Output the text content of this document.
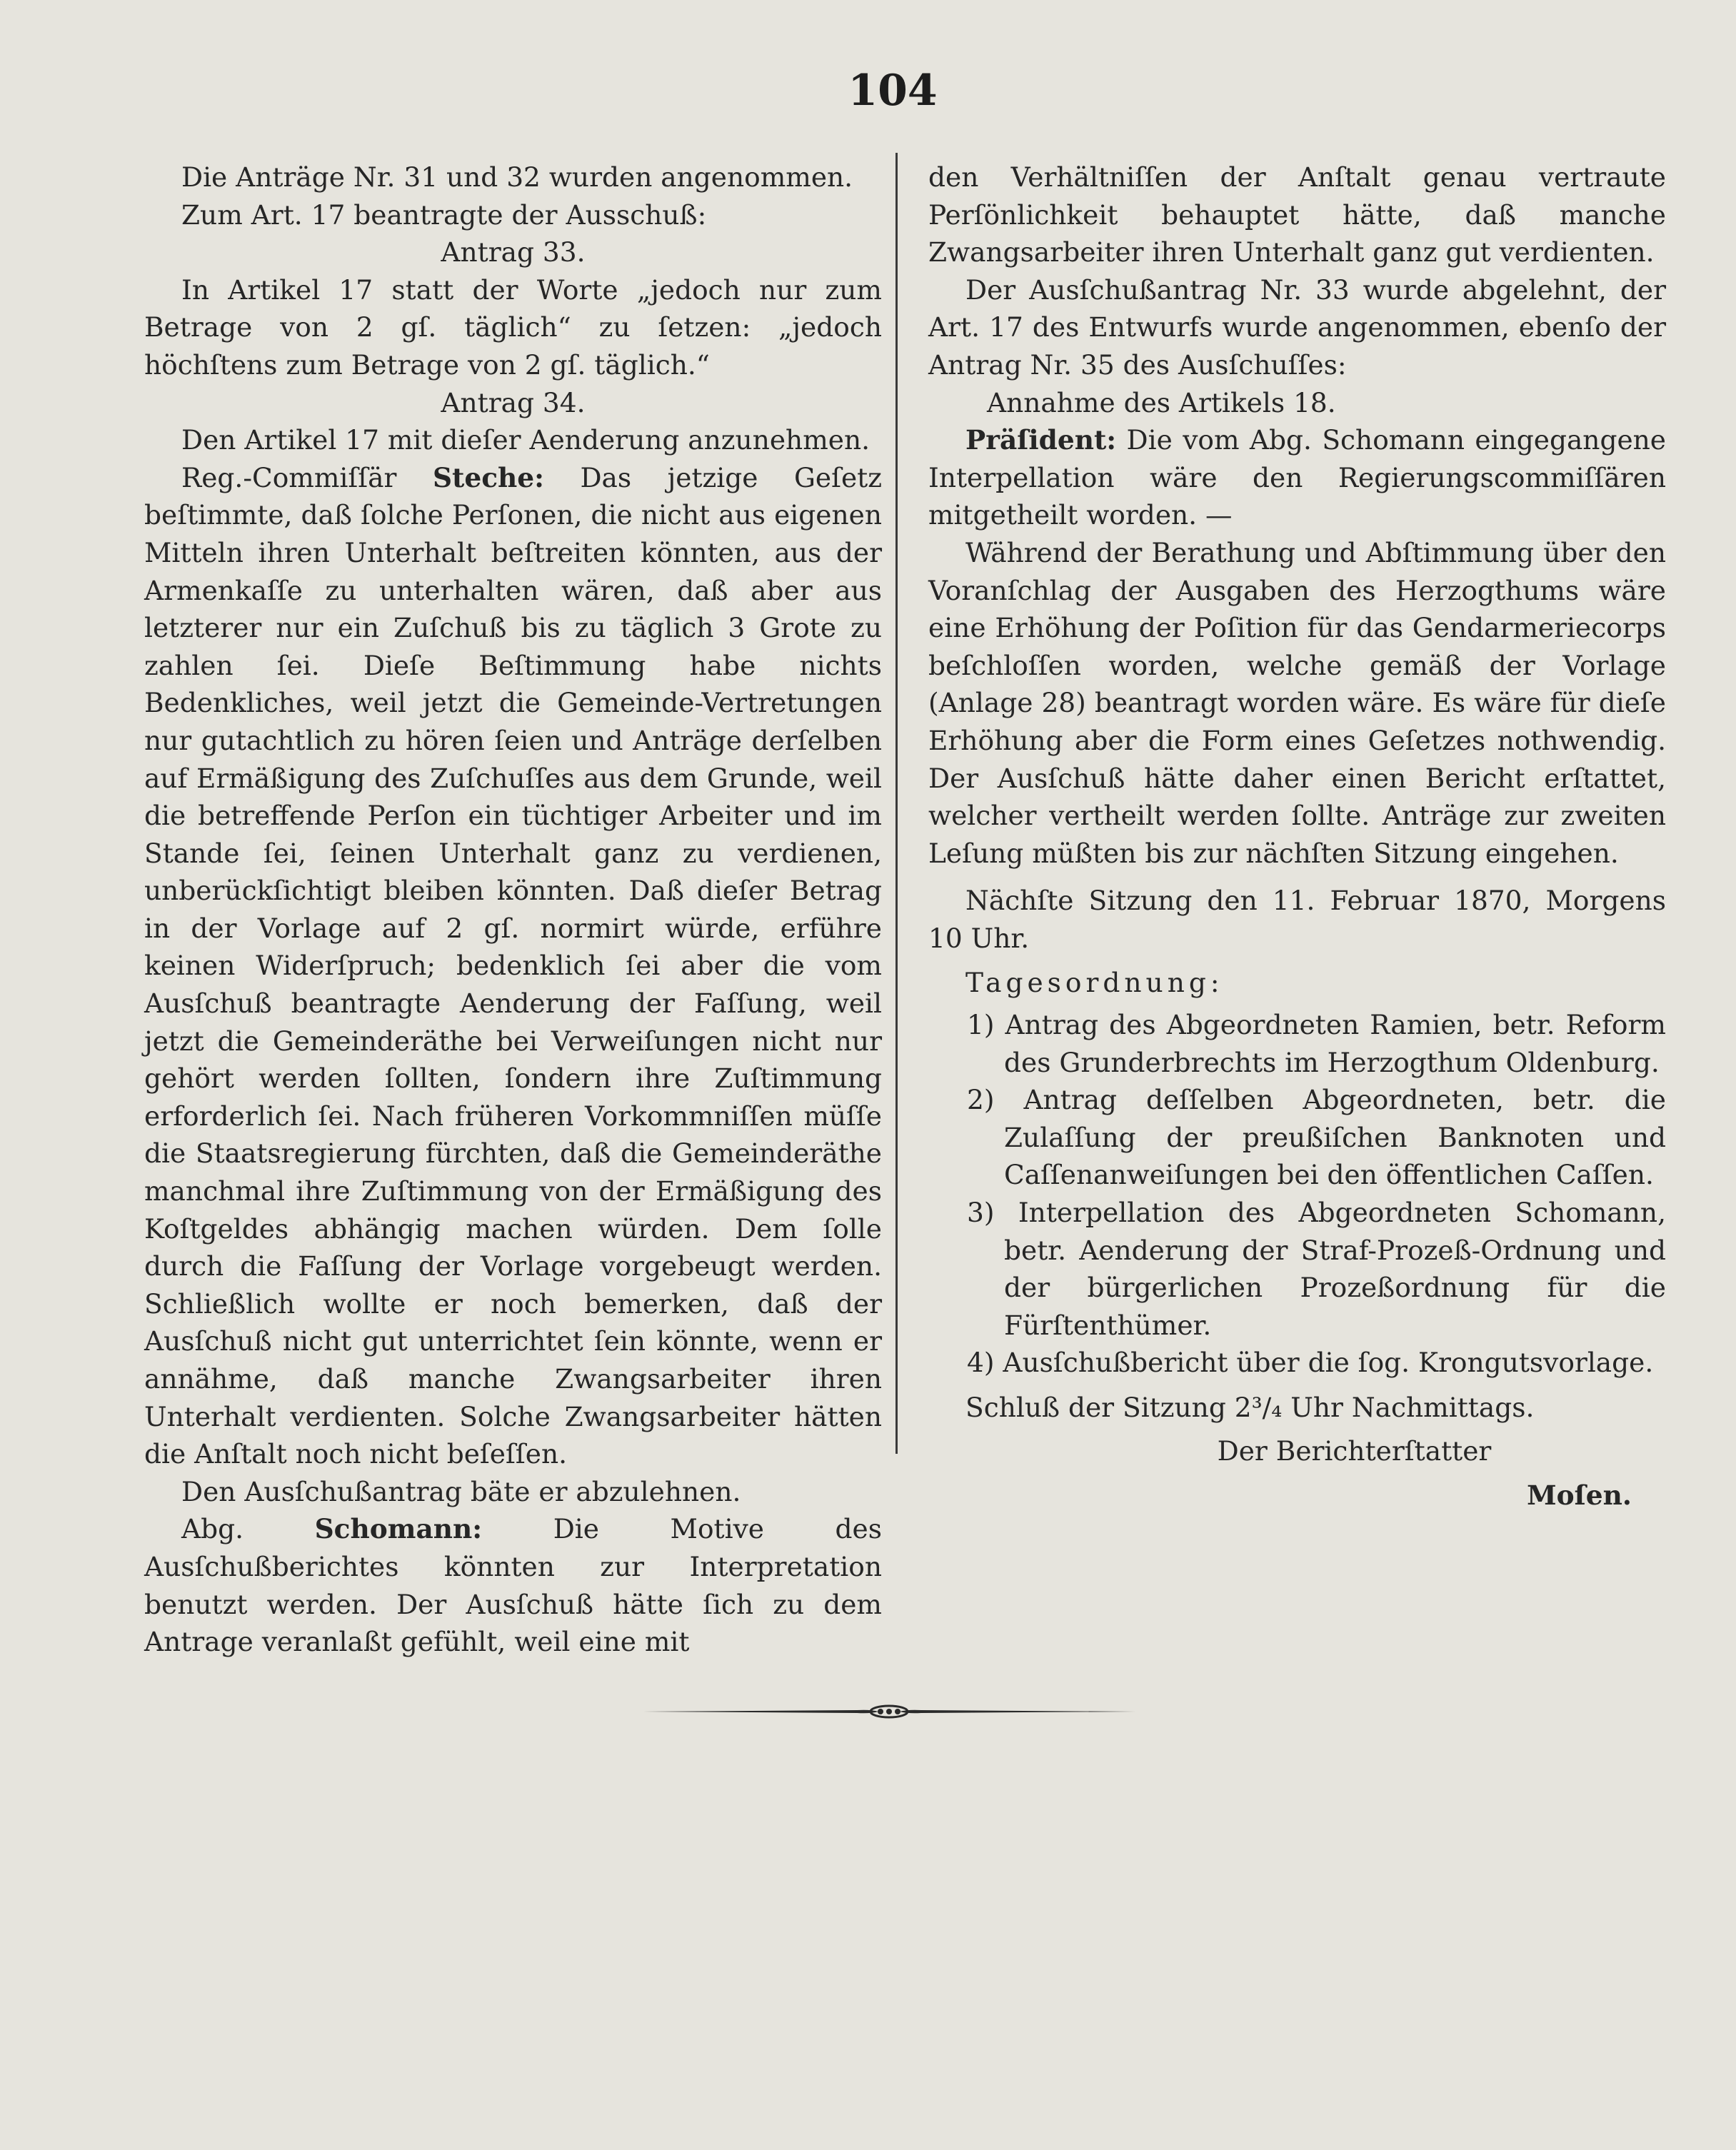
104

Die Anträge Nr. 31 und 32 wurden angenommen.

Zum Art. 17 beantragte der Ausschuß:

Antrag 33.

In Artikel 17 statt der Worte „jedoch nur zum Betrage von 2 gſ. täglich“ zu ſetzen: „jedoch höchſtens zum Betrage von 2 gſ. täglich.“

Antrag 34.

Den Artikel 17 mit dieſer Aenderung anzunehmen.

Reg.-Commiſſär Steche: Das jetzige Geſetz beſtimmte, daß ſolche Perſonen, die nicht aus eigenen Mitteln ihren Unterhalt beſtreiten könnten, aus der Armenkaſſe zu unterhalten wären, daß aber aus letzterer nur ein Zuſchuß bis zu täglich 3 Grote zu zahlen ſei. Dieſe Beſtimmung habe nichts Bedenkliches, weil jetzt die Gemeinde-Vertretungen nur gutachtlich zu hören ſeien und Anträge derſelben auf Ermäßigung des Zuſchuſſes aus dem Grunde, weil die betreffende Perſon ein tüchtiger Arbeiter und im Stande ſei, ſeinen Unterhalt ganz zu verdienen, unberückſichtigt bleiben könnten. Daß dieſer Betrag in der Vorlage auf 2 gſ. normirt würde, erführe keinen Widerſpruch; bedenklich ſei aber die vom Ausſchuß beantragte Aenderung der Faſſung, weil jetzt die Gemeinderäthe bei Verweiſungen nicht nur gehört werden ſollten, ſondern ihre Zuſtimmung erforderlich ſei. Nach früheren Vorkommniſſen müſſe die Staatsregierung fürchten, daß die Gemeinderäthe manchmal ihre Zuſtimmung von der Ermäßigung des Koſtgeldes abhängig machen würden. Dem ſolle durch die Faſſung der Vorlage vorgebeugt werden. Schließlich wollte er noch bemerken, daß der Ausſchuß nicht gut unterrichtet ſein könnte, wenn er annähme, daß manche Zwangsarbeiter ihren Unterhalt verdienten. Solche Zwangsarbeiter hätten die Anſtalt noch nicht beſeſſen.

Den Ausſchußantrag bäte er abzulehnen.

Abg. Schomann: Die Motive des Ausſchußberichtes könnten zur Interpretation benutzt werden. Der Ausſchuß hätte ſich zu dem Antrage veranlaßt gefühlt, weil eine mit

den Verhältniſſen der Anſtalt genau vertraute Perſönlichkeit behauptet hätte, daß manche Zwangsarbeiter ihren Unterhalt ganz gut verdienten.

Der Ausſchußantrag Nr. 33 wurde abgelehnt, der Art. 17 des Entwurfs wurde angenommen, ebenſo der Antrag Nr. 35 des Ausſchuſſes:

Annahme des Artikels 18.

Präſident: Die vom Abg. Schomann eingegangene Interpellation wäre den Regierungscommiſſären mitgetheilt worden. —

Während der Berathung und Abſtimmung über den Voranſchlag der Ausgaben des Herzogthums wäre eine Erhöhung der Poſition für das Gendarmeriecorps beſchloſſen worden, welche gemäß der Vorlage (Anlage 28) beantragt worden wäre. Es wäre für dieſe Erhöhung aber die Form eines Geſetzes nothwendig. Der Ausſchuß hätte daher einen Bericht erſtattet, welcher vertheilt werden ſollte. Anträge zur zweiten Leſung müßten bis zur nächſten Sitzung eingehen.

Nächſte Sitzung den 11. Februar 1870, Morgens 10 Uhr.

Tagesordnung:

1) Antrag des Abgeordneten Ramien, betr. Reform des Grunderbrechts im Herzogthum Oldenburg.

2) Antrag deſſelben Abgeordneten, betr. die Zulaſſung der preußiſchen Banknoten und Caſſenanweiſungen bei den öffentlichen Caſſen.

3) Interpellation des Abgeordneten Schomann, betr. Aenderung der Straf-Prozeß-Ordnung und der bürgerlichen Prozeßordnung für die Fürſtenthümer.

4) Ausſchußbericht über die ſog. Krongutsvorlage.

Schluß der Sitzung 2³/₄ Uhr Nachmittags.

Der Berichterſtatter

Moſen.
